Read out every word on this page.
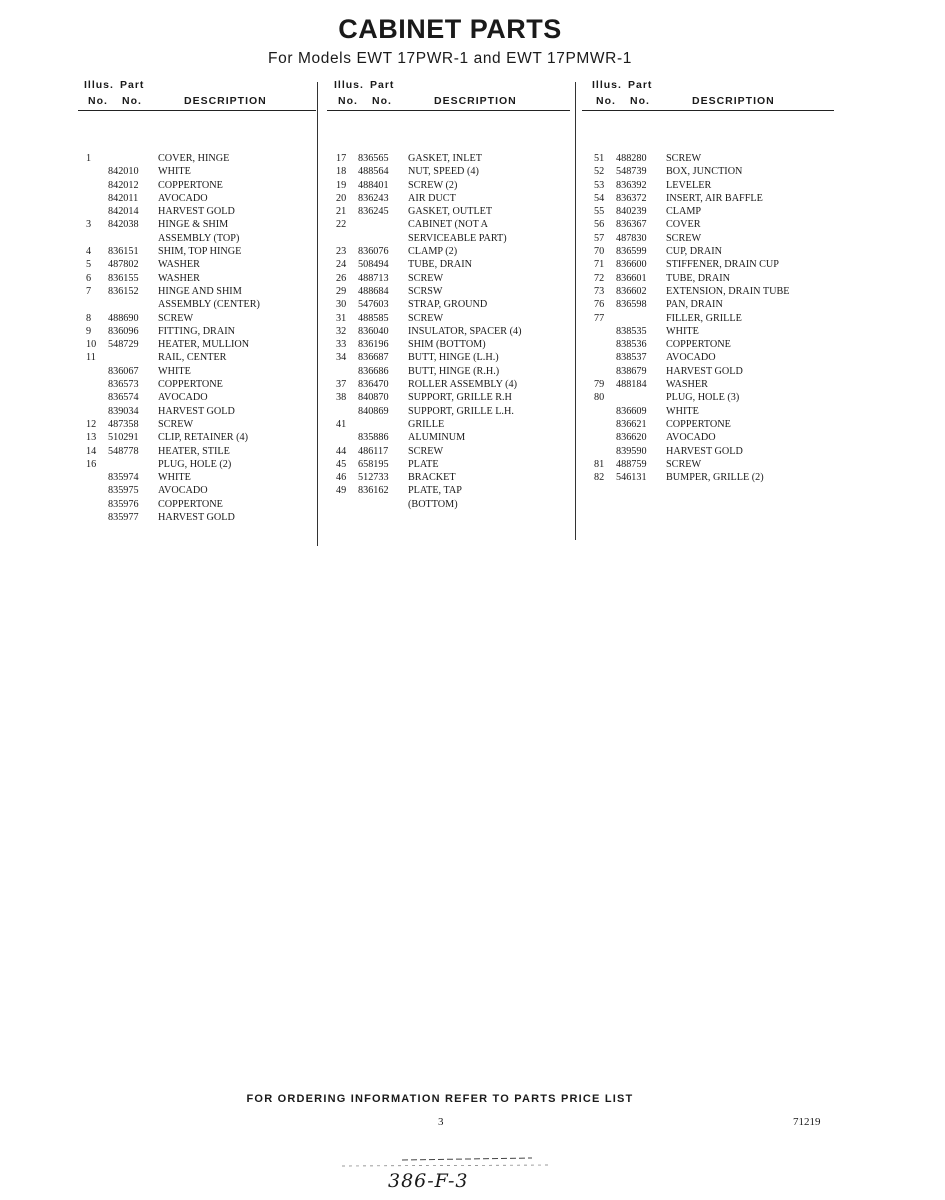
CABINET PARTS
For Models EWT 17PWR-1 and EWT 17PMWR-1
Illus. Part
No. No.	DESCRIPTION
1	COVER, HINGE
842010 WHITE
842012 COPPERTONE
842011 AVOCADO
842014 HARVEST GOLD
3 842038 HINGE & SHIM
ASSEMBLY (TOP)
4 836151 SHIM, TOP HINGE
5 487802 WASHER
6 836155 WASHER
7 836152 HINGE AND SHIM
ASSEMBLY (CENTER)
8 488690 SCREW
9 836096 FITTING, DRAIN
10 548729 HEATER, MULLION
11	RAIL, CENTER
836067 WHITE
836573 COPPERTONE
836574 AVOCADO
839034 HARVEST GOLD
12 487358 SCREW
13 510291 CLIP, RETAINER (4)
14 548778 HEATER, STILE
16	PLUG, HOLE (2)
835974 WHITE
835975 AVOCADO
835976 COPPERTONE
835977 HARVEST GOLD
Illus. Part
No. No.	DESCRIPTION
17 836565 GASKET, INLET
18 488564 NUT, SPEED (4)
19 488401 SCREW (2)
20 836243 AIR DUCT
21 836245 GASKET, OUTLET
22	CABINET (NOT A
SERVICEABLE PART)
23 836076 CLAMP (2)
24 508494 TUBE, DRAIN
26 488713 SCREW
29 488684 SCRSW
30 547603 STRAP, GROUND
31 488585 SCREW
32 836040 INSULATOR, SPACER (4)
33 836196 SHIM (BOTTOM)
34 836687 BUTT, HINGE (L.H.)
836686 BUTT, HINGE (R.H.)
37 836470 ROLLER ASSEMBLY (4)
38 840870 SUPPORT, GRILLE R.H
840869 SUPPORT, GRILLE L.H.
41	GRILLE
835886 ALUMINUM
44 486117 SCREW
45 658195 PLATE
46 512733 BRACKET
49 836162 PLATE, TAP
(BOTTOM)
Illus. Part
No. No.	DESCRIPTION
51 488280 SCREW
52 548739 BOX, JUNCTION
53 836392 LEVELER
54 836372 INSERT, AIR BAFFLE
55 840239 CLAMP
56 836367 COVER
57 487830 SCREW
70 836599 CUP, DRAIN
71 836600 STIFFENER, DRAIN CUP
72 836601 TUBE, DRAIN
73 836602 EXTENSION, DRAIN TUBE
76 836598 PAN, DRAIN
77	FILLER, GRILLE
838535 WHITE
838536 COPPERTONE
838537 AVOCADO
838679 HARVEST GOLD
79 488184 WASHER
80	PLUG, HOLE (3)
836609 WHITE
836621 COPPERTONE
836620 AVOCADO
839590 HARVEST GOLD
81 488759 SCREW
82 546131 BUMPER, GRILLE (2)
FOR ORDERING INFORMATION REFER TO PARTS PRICE LIST
3	71219
386-F-3
